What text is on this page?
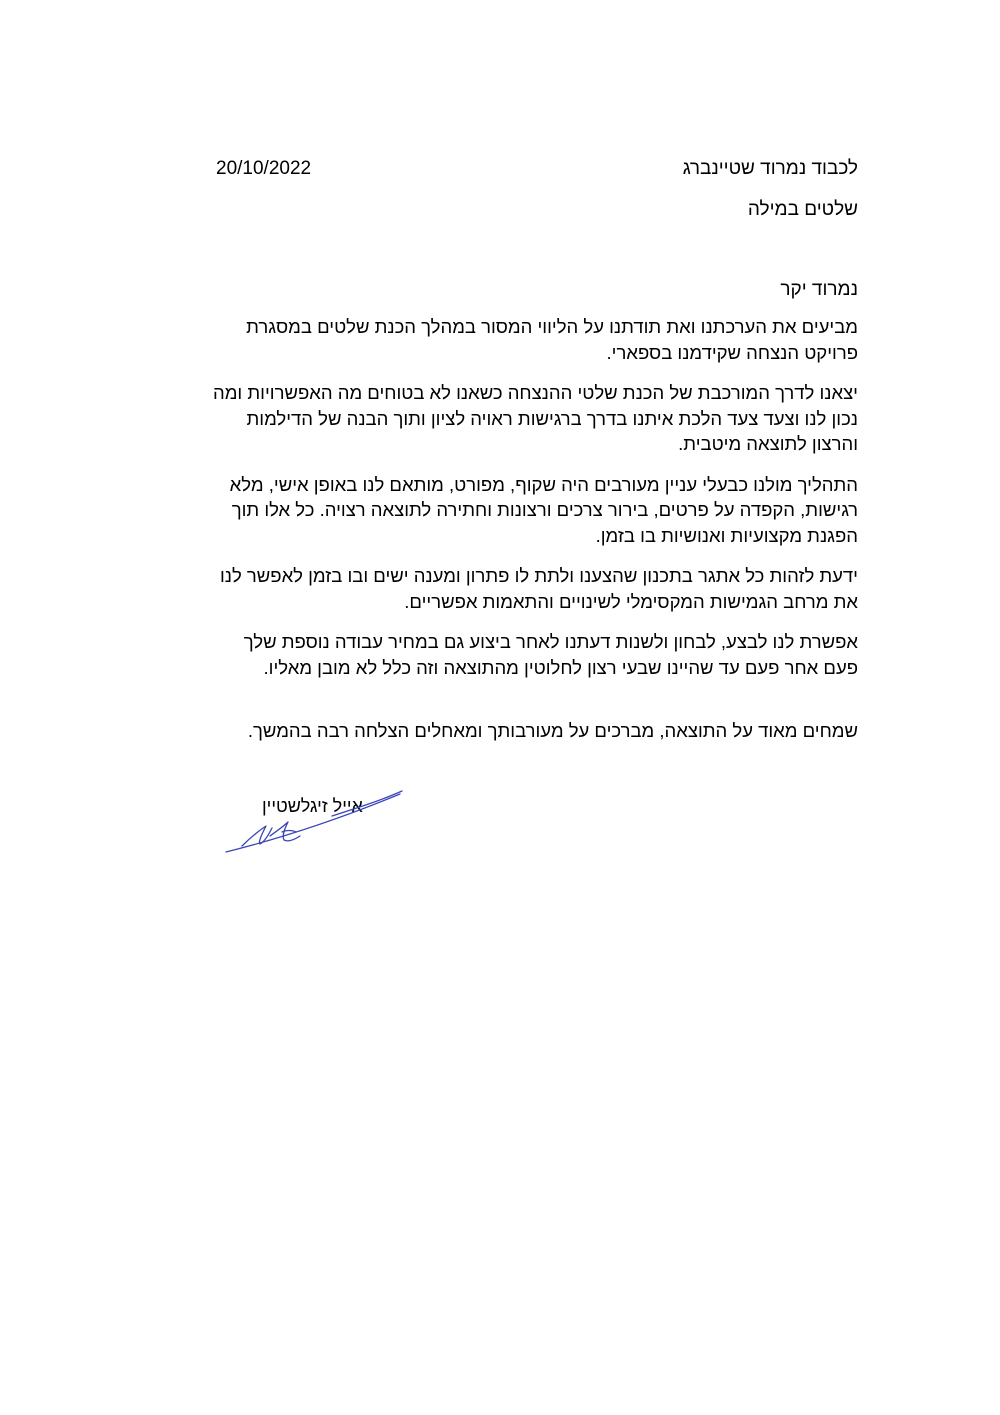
20/10/2022	לכבוד נמרוד שטיינברג
שלטים במילה
נמרוד יקר

מביעים את הערכתנו ואת תודתנו על הליווי המסור במהלך הכנת שלטים במסגרת פרויקט הנצחה שקידמנו בספארי.

יצאנו לדרך המורכבת של הכנת שלטי ההנצחה כשאנו לא בטוחים מה האפשרויות ומה נכון לנו וצעד צעד הלכת איתנו בדרך ברגישות ראויה לציון ותוך הבנה של הדילמות והרצון לתוצאה מיטבית.

התהליך מולנו כבעלי עניין מעורבים היה שקוף, מפורט, מותאם לנו באופן אישי, מלא רגישות, הקפדה על פרטים, בירור צרכים ורצונות וחתירה לתוצאה רצויה. כל אלו תוך הפגנת מקצועיות ואנושיות בו בזמן.

ידעת לזהות כל אתגר בתכנון שהצענו ולתת לו פתרון ומענה ישים ובו בזמן לאפשר לנו את מרחב הגמישות המקסימלי לשינויים והתאמות אפשריים.

אפשרת לנו לבצע, לבחון ולשנות דעתנו לאחר ביצוע גם במחיר עבודה נוספת שלך פעם אחר פעם עד שהיינו שבעי רצון לחלוטין מהתוצאה וזה כלל לא מובן מאליו.

שמחים מאוד על התוצאה, מברכים על מעורבותך ומאחלים הצלחה רבה בהמשך.
אייל זיגלשטיין
